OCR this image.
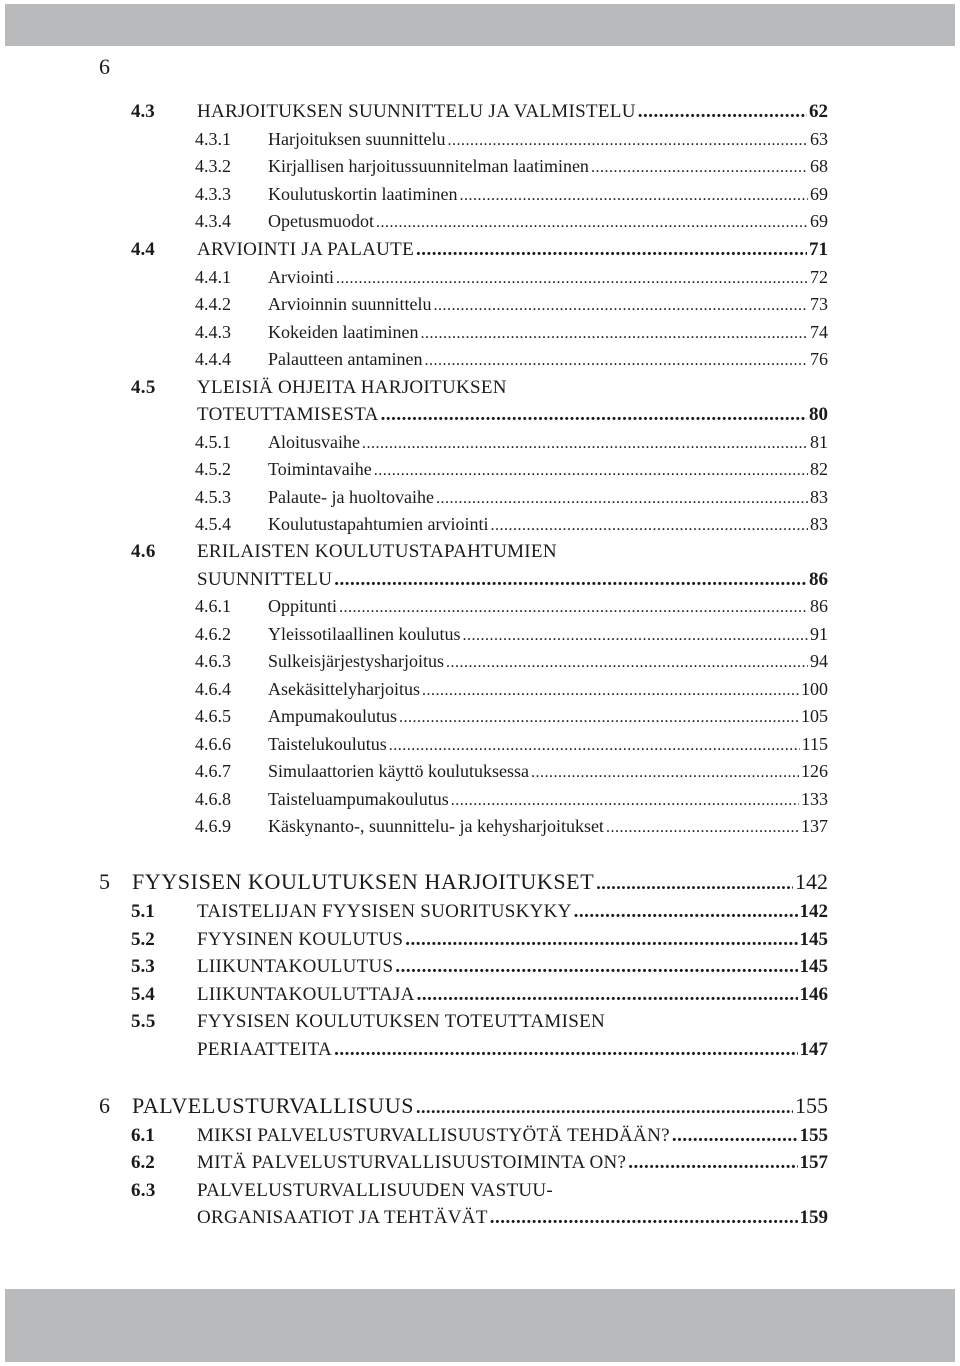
6
4.3	HARJOITUKSEN SUUNNITTELU JA VALMISTELU .....	62
4.3.1	Harjoituksen suunnittelu .....	63
4.3.2	Kirjallisen harjoitussuunnitelman laatiminen .....	68
4.3.3	Koulutuskortin laatiminen .....	69
4.3.4	Opetusmuodot .....	69
4.4	ARVIOINTI JA PALAUTE .....	71
4.4.1	Arviointi .....	72
4.4.2	Arvioinnin suunnittelu .....	73
4.4.3	Kokeiden laatiminen .....	74
4.4.4	Palautteen antaminen .....	76
4.5 YLEISIÄ OHJEITA HARJOITUKSEN
TOTEUTTAMISESTA .....	80
4.5.1	Aloitusvaihe .....	81
4.5.2	Toimintavaihe .....	82
4.5.3	Palaute- ja huoltovaihe .....	83
4.5.4	Koulutustapahtumien arviointi .....	83
4.6 ERILAISTEN KOULUTUSTAPAHTUMIEN
SUUNNITTELU .....	86
4.6.1	Oppitunti .....	86
4.6.2	Yleissotilaallinen koulutus .....	91
4.6.3	Sulkeisjärjestysharjoitus .....	94
4.6.4	Asekäsittelyharjoitus .....	100
4.6.5	Ampumakoulutus .....	105
4.6.6	Taistelukoulutus .....	115
4.6.7	Simulaattorien käyttö koulutuksessa .....	126
4.6.8	Taisteluampumakoulutus .....	133
4.6.9	Käskynanto-, suunnittelu- ja kehysharjoitukset .....	137
5	FYYSISEN KOULUTUKSEN HARJOITUKSET .....	142
5.1	TAISTELIJAN FYYSISEN SUORITUSKYKY .....	142
5.2	FYYSINEN KOULUTUS .....	145
5.3	LIIKUNTAKOULUTUS .....	145
5.4	LIIKUNTAKOULUTTAJA .....	146
5.5 FYYSISEN KOULUTUKSEN TOTEUTTAMISEN
PERIAATTEITA .....	147
6	PALVELUSTURVALLISUUS .....	155
6.1	MIKSI PALVELUSTURVALLISUUSTYÖTÄ TEHDÄÄN? .....	155
6.2	MITÄ PALVELUSTURVALLISUUSTOIMINTA ON? .....	157
6.3 PALVELUSTURVALLISUUDEN VASTUU-
ORGANISAATIOT JA TEHTÄVÄT .....	159
